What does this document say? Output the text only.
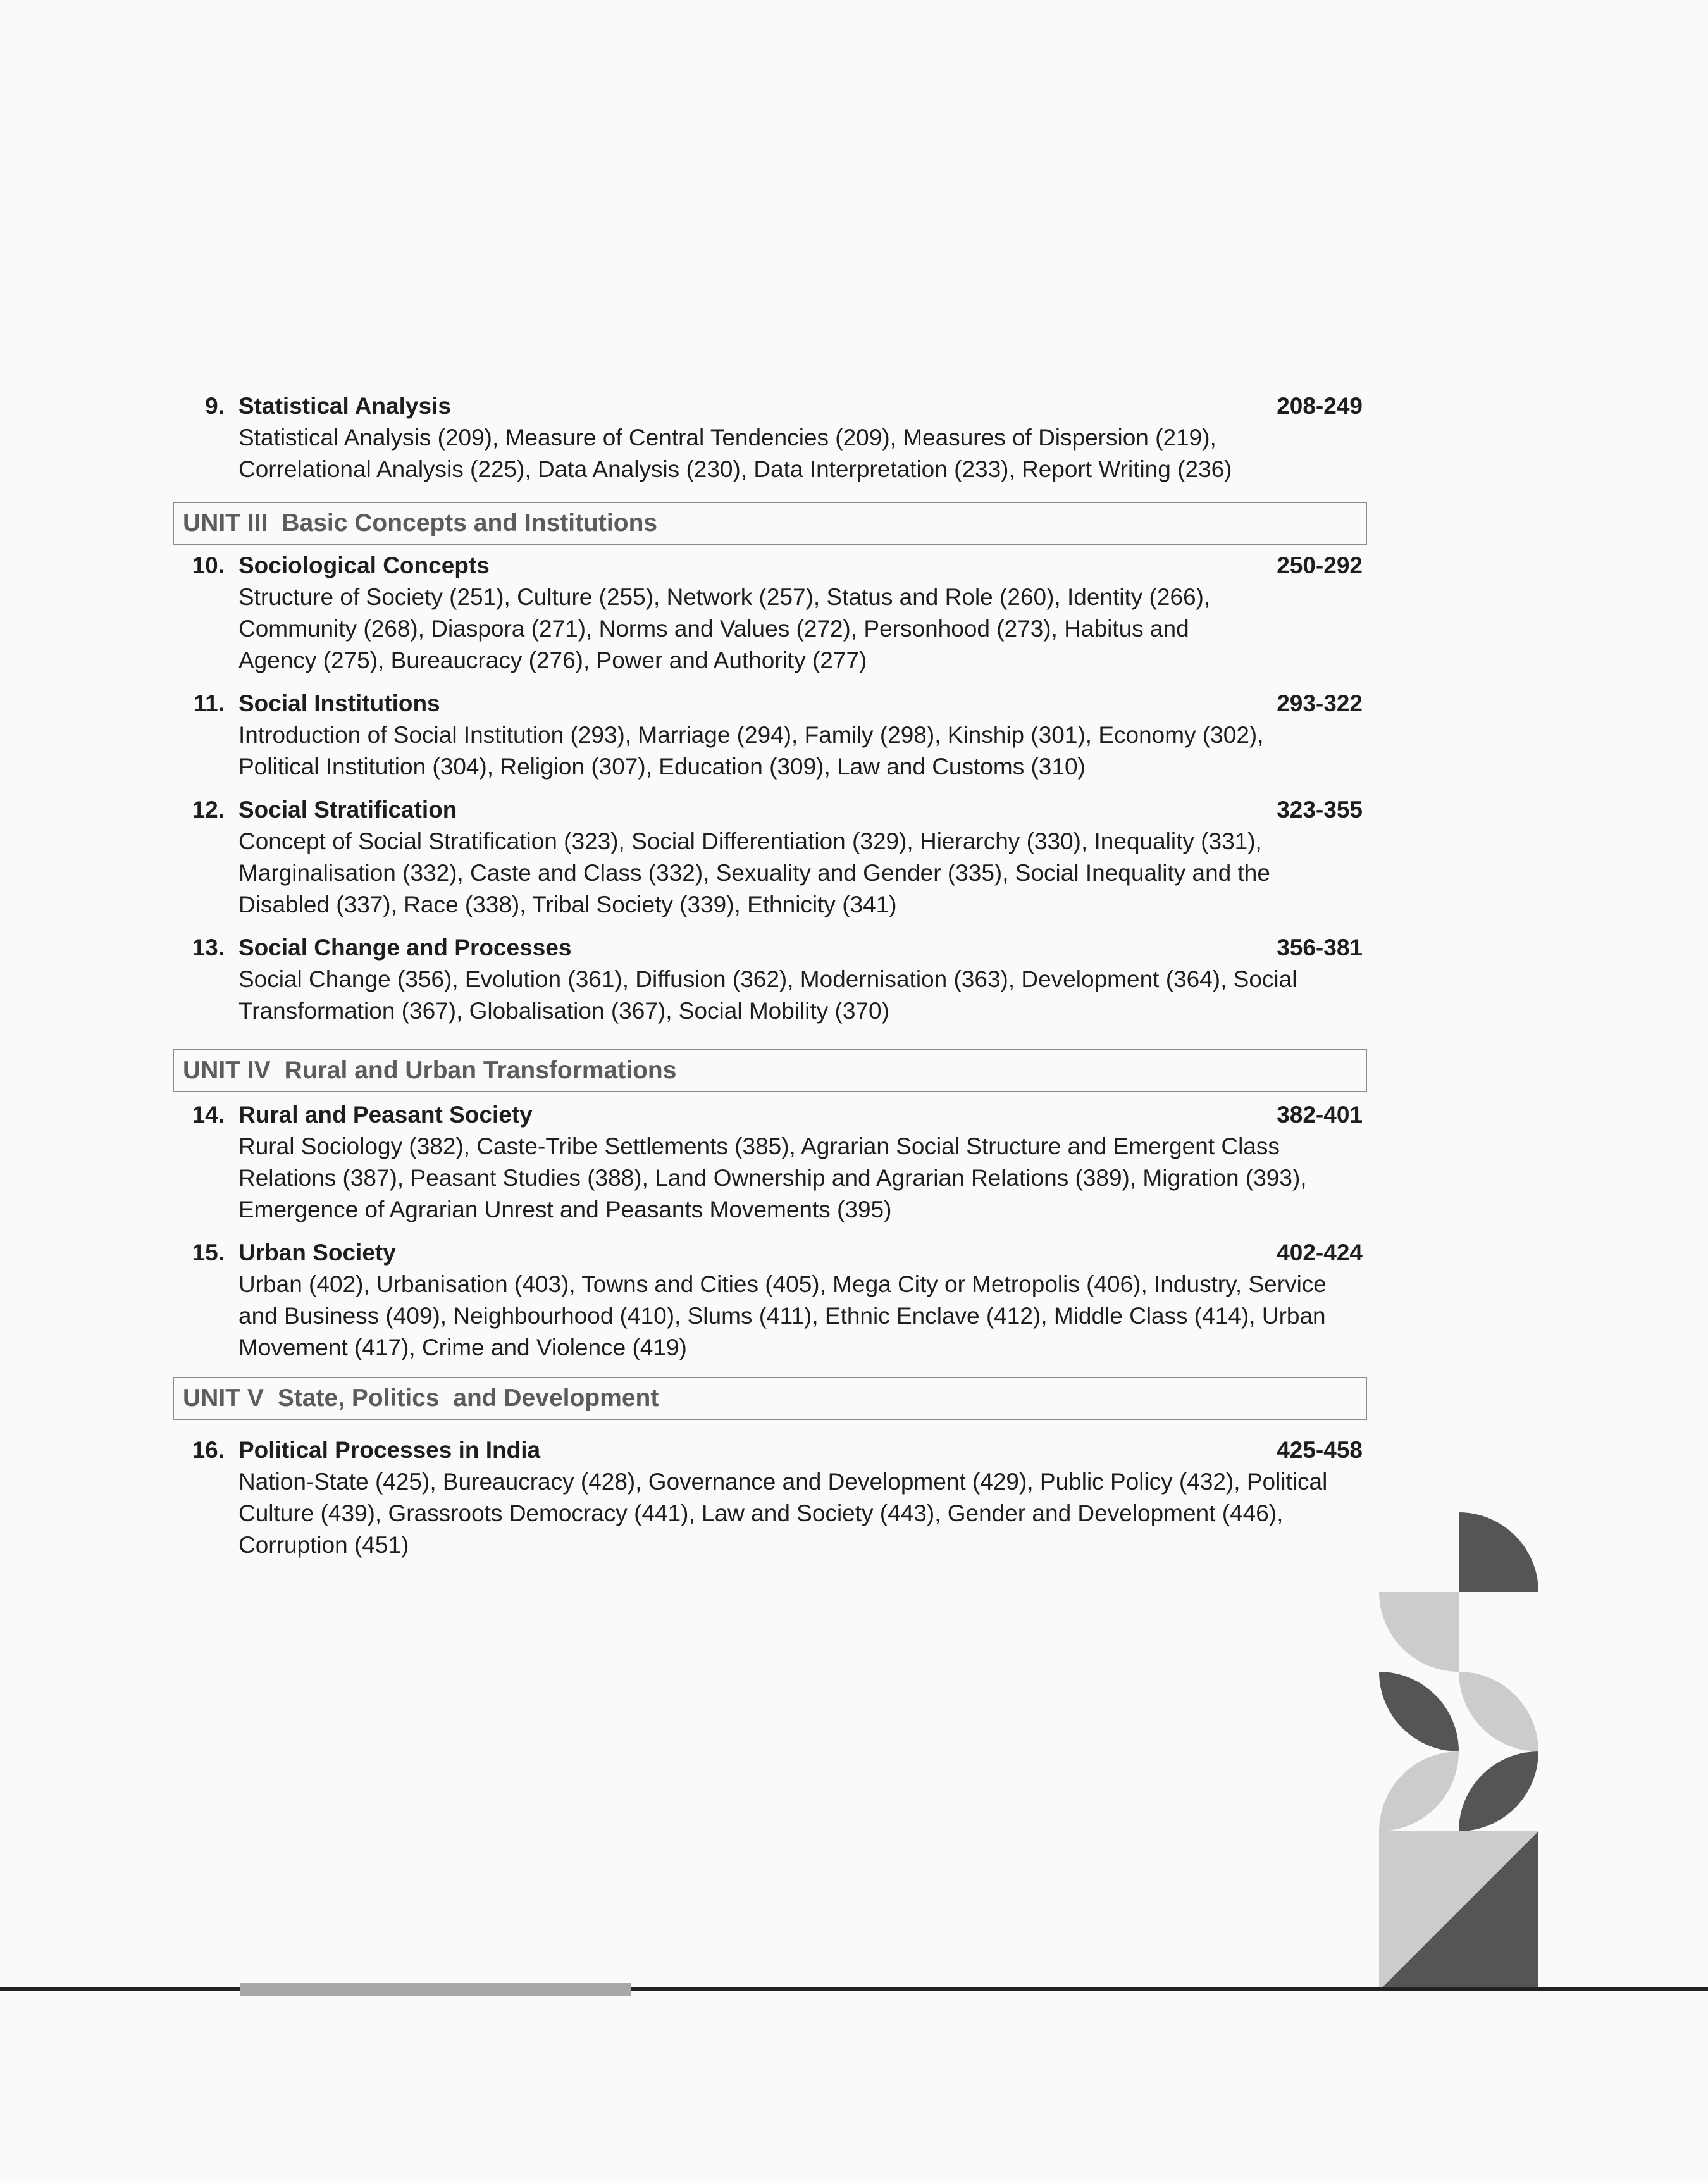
9. Statistical Analysis	208-249
Statistical Analysis (209), Measure of Central Tendencies (209), Measures of Dispersion (219),
Correlational Analysis (225), Data Analysis (230), Data Interpretation (233), Report Writing (236)
UNIT III Basic Concepts and Institutions
10. Sociological Concepts	250-292
Structure of Society (251), Culture (255), Network (257), Status and Role (260), Identity (266),
Community (268), Diaspora (271), Norms and Values (272), Personhood (273), Habitus and
Agency (275), Bureaucracy (276), Power and Authority (277)
11. Social Institutions	293-322
Introduction of Social Institution (293), Marriage (294), Family (298), Kinship (301), Economy (302),
Political Institution (304), Religion (307), Education (309), Law and Customs (310)
12. Social Stratification	323-355
Concept of Social Stratification (323), Social Differentiation (329), Hierarchy (330), Inequality (331),
Marginalisation (332), Caste and Class (332), Sexuality and Gender (335), Social Inequality and the
Disabled (337), Race (338), Tribal Society (339), Ethnicity (341)
13. Social Change and Processes	356-381
Social Change (356), Evolution (361), Diffusion (362), Modernisation (363), Development (364), Social
Transformation (367), Globalisation (367), Social Mobility (370)
UNIT IV Rural and Urban Transformations
14. Rural and Peasant Society	382-401
Rural Sociology (382), Caste-Tribe Settlements (385), Agrarian Social Structure and Emergent Class
Relations (387), Peasant Studies (388), Land Ownership and Agrarian Relations (389), Migration (393),
Emergence of Agrarian Unrest and Peasants Movements (395)
15. Urban Society	402-424
Urban (402), Urbanisation (403), Towns and Cities (405), Mega City or Metropolis (406), Industry, Service
and Business (409), Neighbourhood (410), Slums (411), Ethnic Enclave (412), Middle Class (414), Urban
Movement (417), Crime and Violence (419)
UNIT V State, Politics  and Development
16. Political Processes in India	425-458
Nation-State (425), Bureaucracy (428), Governance and Development (429), Public Policy (432), Political
Culture (439), Grassroots Democracy (441), Law and Society (443), Gender and Development (446),
Corruption (451)
